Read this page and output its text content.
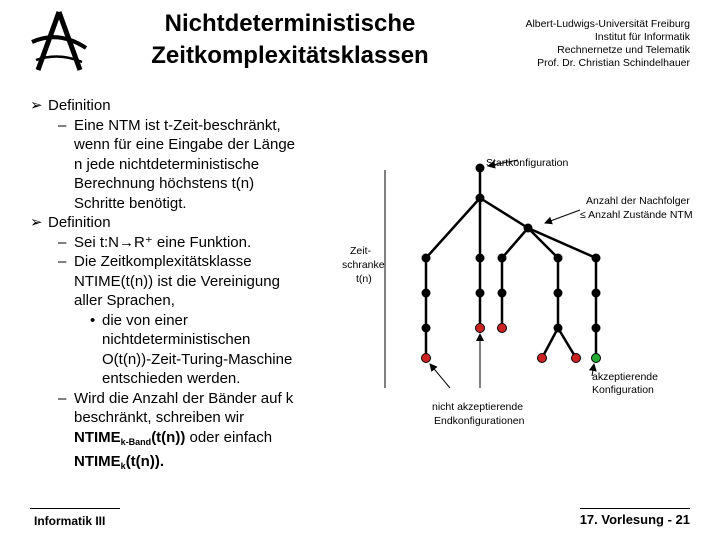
Nichtdeterministische
Zeitkomplexitätsklassen
Albert-Ludwigs-Universität Freiburg
Institut für Informatik
Rechnernetze und Telematik
Prof. Dr. Christian Schindelhauer
➢ Definition
– Eine NTM ist t-Zeit-beschränkt,
wenn für eine Eingabe der Länge
n jede nichtdeterministische
Berechnung höchstens t(n)
Schritte benötigt.
➢ Definition
– Sei t:N→R⁺ eine Funktion.
– Die Zeitkomplexitätsklasse
NTIME(t(n)) ist die Vereinigung
aller Sprachen,
• die von einer
nichtdeterministischen
O(t(n))-Zeit-Turing-Maschine
entschieden werden.
– Wird die Anzahl der Bänder auf k
beschränkt, schreiben wir
$NTIME_{k-Band}(t(n))$ oder einfach
$NTIME_k(t(n))$.
Startkonfiguration
Anzahl der Nachfolger
≤ Anzahl Zustände NTM
Zeit-
schranke
t(n)
akzeptierende
Konfiguration
nicht akzeptierende
Endkonfigurationen
Informatik III	17. Vorlesung - 21
